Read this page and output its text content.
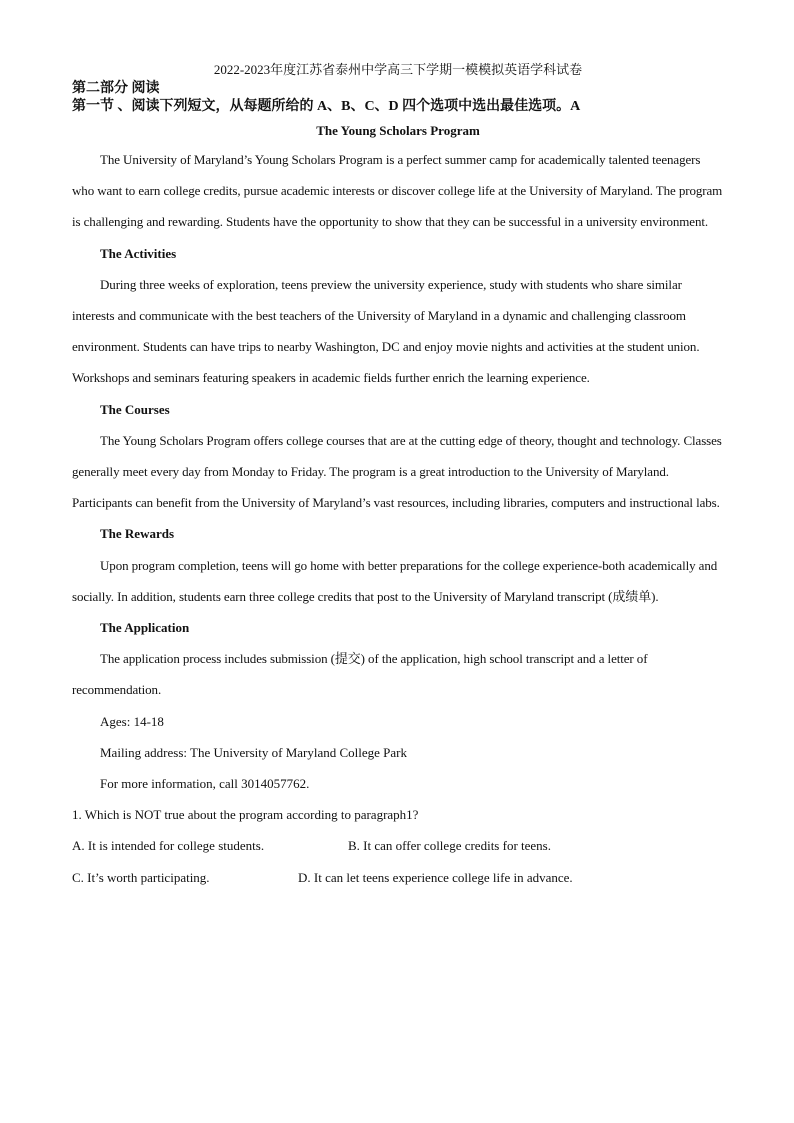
2022-2023年度江苏省泰州中学高三下学期一模模拟英语学科试卷

第二部分 阅读

第一节 、阅读下列短文，从每题所给的 A、B、C、D 四个选项中选出最佳选项。A

The Young Scholars Program

The University of Maryland’s Young Scholars Program is a perfect summer camp for academically talented teenagers who want to earn college credits, pursue academic interests or discover college life at the University of Maryland. The program is challenging and rewarding. Students have the opportunity to show that they can be successful in a university environment.

The Activities

During three weeks of exploration, teens preview the university experience, study with students who share similar interests and communicate with the best teachers of the University of Maryland in a dynamic and challenging classroom environment. Students can have trips to nearby Washington, DC and enjoy movie nights and activities at the student union. Workshops and seminars featuring speakers in academic fields further enrich the learning experience.

The Courses

The Young Scholars Program offers college courses that are at the cutting edge of theory, thought and technology. Classes generally meet every day from Monday to Friday. The program is a great introduction to the University of Maryland. Participants can benefit from the University of Maryland’s vast resources, including libraries, computers and instructional labs.

The Rewards

Upon program completion, teens will go home with better preparations for the college experience-both academically and socially. In addition, students earn three college credits that post to the University of Maryland transcript (成绩单).

The Application

The application process includes submission (提交) of the application, high school transcript and a letter of recommendation.

Ages: 14-18

Mailing address: The University of Maryland College Park

For more information, call 3014057762.

1. Which is NOT true about the program according to paragraph1?

A. It is intended for college students.	B. It can offer college credits for teens.
C. It’s worth participating.	D. It can let teens experience college life in advance.
